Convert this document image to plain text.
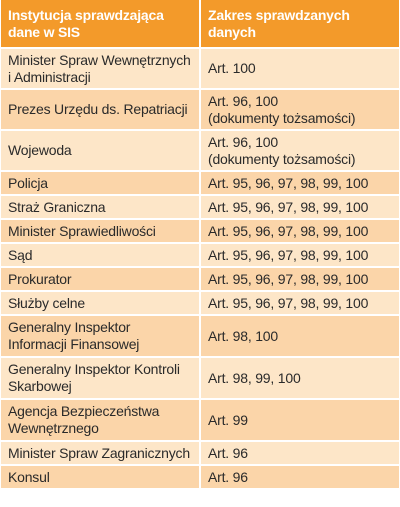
Instytucja sprawdzająca
dane w SIS	Zakres sprawdzanych
danych
Minister Spraw Wewnętrznych
i Administracji	Art. 100
Prezes Urzędu ds. Repatriacji	Art. 96, 100
(dokumenty tożsamości)
Wojewoda	Art. 96, 100
(dokumenty tożsamości)
Policja	Art. 95, 96, 97, 98, 99, 100
Straż Graniczna	Art. 95, 96, 97, 98, 99, 100
Minister Sprawiedliwości	Art. 95, 96, 97, 98, 99, 100
Sąd	Art. 95, 96, 97, 98, 99, 100
Prokurator	Art. 95, 96, 97, 98, 99, 100
Służby celne	Art. 95, 96, 97, 98, 99, 100
Generalny Inspektor
Informacji Finansowej	Art. 98, 100
Generalny Inspektor Kontroli
Skarbowej	Art. 98, 99, 100
Agencja Bezpieczeństwa
Wewnętrznego	Art. 99
Minister Spraw Zagranicznych	Art. 96
Konsul	Art. 96
